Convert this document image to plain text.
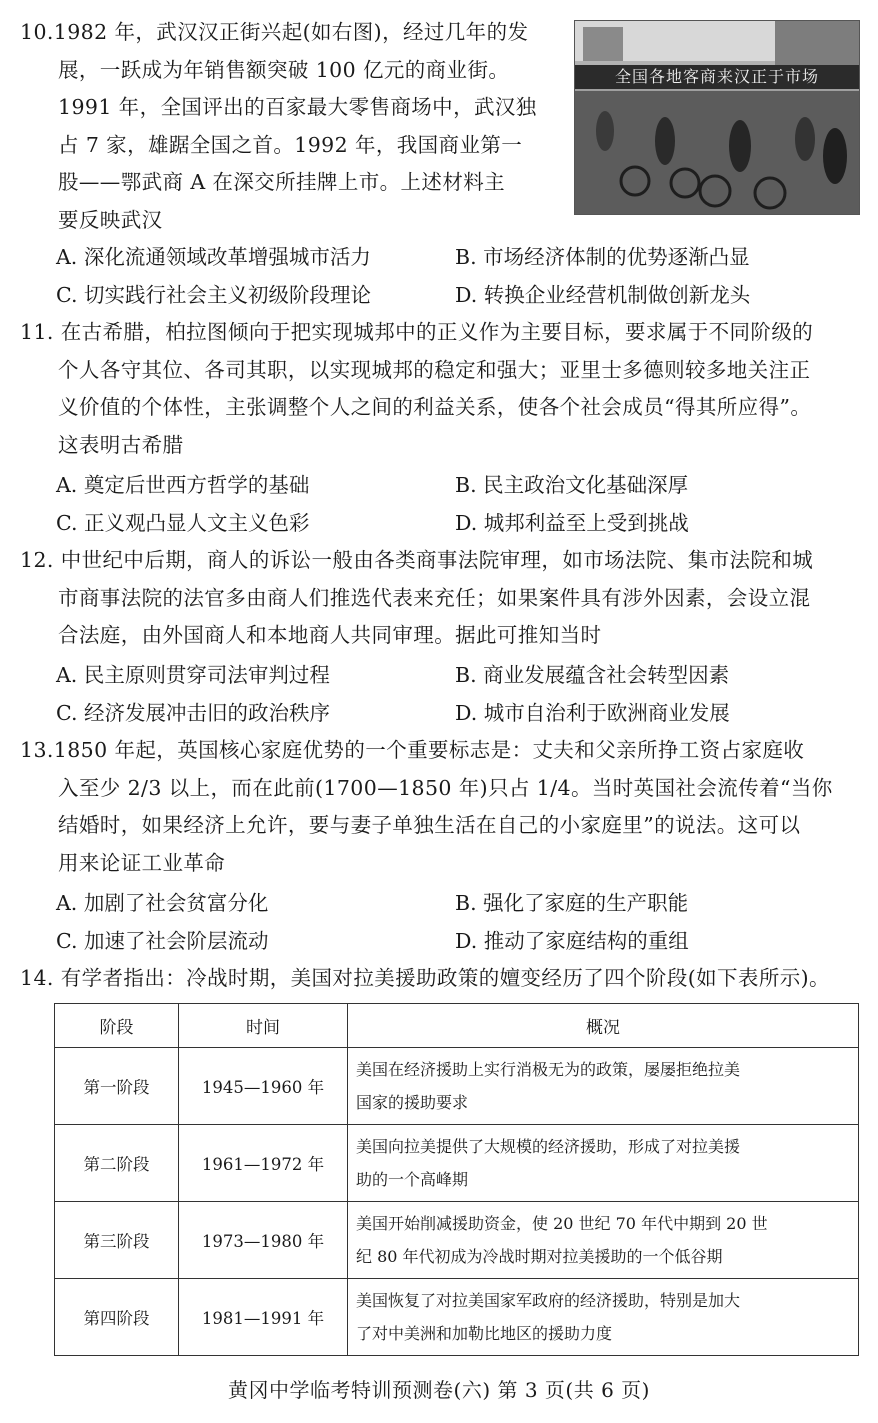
10.1982 年，武汉汉正街兴起(如右图)，经过几年的发
展，一跃成为年销售额突破 100 亿元的商业街。
1991 年，全国评出的百家最大零售商场中，武汉独
占 7 家，雄踞全国之首。1992 年，我国商业第一
股——鄂武商 A 在深交所挂牌上市。上述材料主
要反映武汉
全国各地客商来汉正于市场
A. 深化流通领域改革增强城市活力	B. 市场经济体制的优势逐渐凸显
C. 切实践行社会主义初级阶段理论	D. 转换企业经营机制做创新龙头
11. 在古希腊，柏拉图倾向于把实现城邦中的正义作为主要目标，要求属于不同阶级的
个人各守其位、各司其职，以实现城邦的稳定和强大；亚里士多德则较多地关注正
义价值的个体性，主张调整个人之间的利益关系，使各个社会成员“得其所应得”。
这表明古希腊
A. 奠定后世西方哲学的基础	B. 民主政治文化基础深厚
C. 正义观凸显人文主义色彩	D. 城邦利益至上受到挑战
12. 中世纪中后期，商人的诉讼一般由各类商事法院审理，如市场法院、集市法院和城
市商事法院的法官多由商人们推选代表来充任；如果案件具有涉外因素，会设立混
合法庭，由外国商人和本地商人共同审理。据此可推知当时
A. 民主原则贯穿司法审判过程	B. 商业发展蕴含社会转型因素
C. 经济发展冲击旧的政治秩序	D. 城市自治利于欧洲商业发展
13.1850 年起，英国核心家庭优势的一个重要标志是：丈夫和父亲所挣工资占家庭收
入至少 2/3 以上，而在此前(1700—1850 年)只占 1/4。当时英国社会流传着“当你
结婚时，如果经济上允许，要与妻子单独生活在自己的小家庭里”的说法。这可以
用来论证工业革命
A. 加剧了社会贫富分化	B. 强化了家庭的生产职能
C. 加速了社会阶层流动	D. 推动了家庭结构的重组
14. 有学者指出：冷战时期，美国对拉美援助政策的嬗变经历了四个阶段(如下表所示)。
阶段	时间	概况
第一阶段	1945—1960 年	美国在经济援助上实行消极无为的政策，屡屡拒绝拉美
国家的援助要求

第二阶段	1961—1972 年	美国向拉美提供了大规模的经济援助，形成了对拉美援
助的一个高峰期

第三阶段	1973—1980 年	美国开始削减援助资金，使 20 世纪 70 年代中期到 20 世
纪 80 年代初成为冷战时期对拉美援助的一个低谷期

第四阶段	1981—1991 年	美国恢复了对拉美国家军政府的经济援助，特别是加大
了对中美洲和加勒比地区的援助力度
黄冈中学临考特训预测卷(六) 第 3 页(共 6 页)
